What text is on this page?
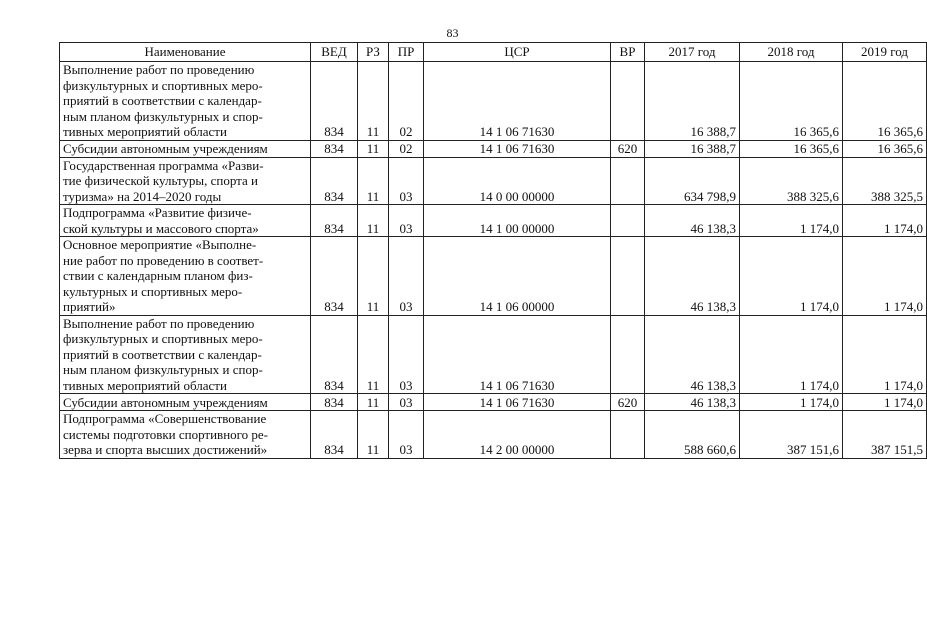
83
Наименование	ВЕД	РЗ	ПР	ЦСР	ВР	2017 год	2018 год	2019 год
Выполнение работ по проведению
физкультурных и спортивных меро-
приятий в соответствии с календар-
ным планом физкультурных и спор-
тивных мероприятий области	834	11	02	14 1 06 71630		16 388,7	16 365,6	16 365,6
Субсидии автономным учреждениям	834	11	02	14 1 06 71630	620	16 388,7	16 365,6	16 365,6
Государственная программа «Разви-
тие физической культуры, спорта и
туризма» на 2014–2020 годы	834	11	03	14 0 00 00000		634 798,9	388 325,6	388 325,5
Подпрограмма «Развитие физиче-
ской культуры и массового спорта»	834	11	03	14 1 00 00000		46 138,3	1 174,0	1 174,0
Основное мероприятие «Выполне-
ние работ по проведению в соответ-
ствии с календарным планом физ-
культурных и спортивных меро-
приятий»	834	11	03	14 1 06 00000		46 138,3	1 174,0	1 174,0
Выполнение работ по проведению
физкультурных и спортивных меро-
приятий в соответствии с календар-
ным планом физкультурных и спор-
тивных мероприятий области	834	11	03	14 1 06 71630		46 138,3	1 174,0	1 174,0
Субсидии автономным учреждениям	834	11	03	14 1 06 71630	620	46 138,3	1 174,0	1 174,0
Подпрограмма «Совершенствование
системы подготовки спортивного ре-
зерва и спорта высших достижений»	834	11	03	14 2 00 00000		588 660,6	387 151,6	387 151,5
